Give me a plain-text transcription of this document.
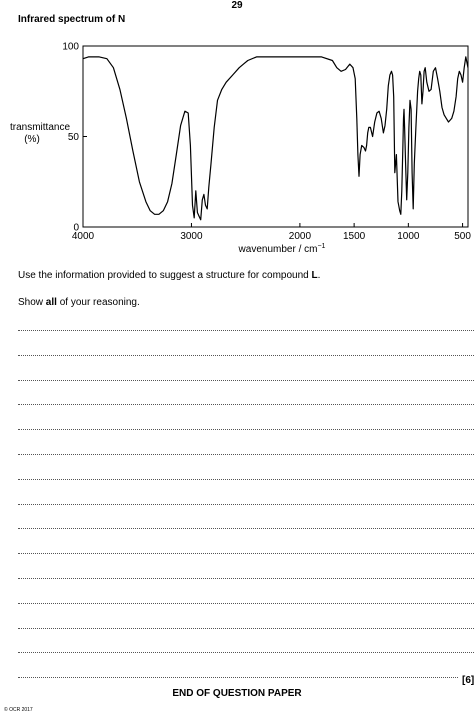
29
Infrared spectrum of N
4000	3000	2000	1500	1000	500
0
50
100
transmittance
(%)
wavenumber / $cm^{-1}$
Use the information provided to suggest a structure for compound L.
Show all of your reasoning.
[6]
END OF QUESTION PAPER
© OCR 2017
